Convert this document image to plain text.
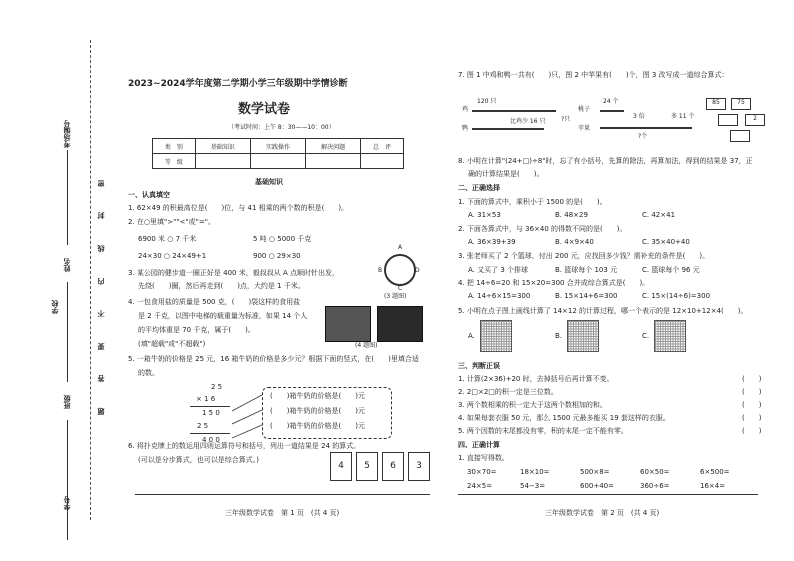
考场编号
姓名
班级
学校
学号
密
封
线
内
不
要
答
题
2023~2024学年度第二学期小学三年级期中学情诊断
数学试卷
（考试时间：上午 8：30——10：00）
类　别	基础知识	实践操作	解决问题	总　评
等　级				
基础知识
一、认真填空
1. 62×49 的积最高位是(　　)位，与 41 相乘的两个数的积是(　　)。
2. 在○里填">""<"或"="。
6900 米 ○ 7 千米	5 吨 ○ 5000 千克
24×30 ○ 24×49+1	900 ○ 29×30
3. 某公园的健步道一圈正好是 400 米，毅叔叔从 A 点顺时针出发，
先绕(　　)圈，然后再走到(　　)点，大约是 1 千米。
A
B
C
D
(3 题图)
4. 一包食用盐的质量是 500 克，(　　)袋这样的食用盐
是 2 千克，以图中电梯的载重量为标准，如果 14 个人
的平均体重是 70 千克，属于(　　)。
(填"超载"或"不超载")	(4 题图)
5. 一箱牛奶的价格是 25 元，16 箱牛奶的价格是多少元？根据下面的竖式，在(　　)里填合适
的数。
2 5
× 1 6
1 5 0
2 5
4 0 0
(　　)箱牛奶的价格是(　　)元
(　　)箱牛奶的价格是(　　)元
(　　)箱牛奶的价格是(　　)元
6. 将扑克牌上的数运用四则运算符号和括号，列出一道结果是 24 的算式。
(可以是分步算式，也可以是综合算式。)
4	5	6	3
三年级数学试卷　第 1 页　(共 4 页)
7. 图 1 中鸡和鸭一共有(　　)只，图 2 中苹果有(　　)个，图 3 改写成一道综合算式：
120 只
鸡
鸭
比鸡少 16 只	?只
24 个
桃子
3 倍	多 11 个
苹果
?个
85	75
2
8. 小明在计算"(24+□)÷8"时，忘了有小括号，先算的除法，再算加法，得到的结果是 37，正
确的计算结果是(　　)。
二、正确选择
1. 下面的算式中，乘积小于 1500 的是(　　)。
A. 31×53	B. 48×29	C. 42×41
2. 下面各算式中，与 36×40 的得数不同的是(　　)。
A. 36×39+39	B. 4×9×40	C. 35×40+40
3. 张老师买了 2 个篮球，付出 200 元，应找回多少钱？需补充的条件是(　　)。
A. 又买了 3 个排球	B. 篮球每个 103 元	C. 篮球每个 96 元
4. 把 14÷6=20 和 15×20=300 合并成综合算式是(　　)。
A. 14÷6×15=300	B. 15×14+6=300	C. 15×(14÷6)=300
5. 小明在点子图上画线计算了 14×12 的计算过程，哪一个表示的是 12×10+12×4(　　)。
A.	B.	C.
三、判断正误
1. 计算(2×36)+20 时，去掉括号后再计算不变。
2. 2□×2□的积一定是三位数。
3. 两个数相乘的积一定大于这两个数相加的和。
4. 如果每套衣服 50 元，那么 1500 元最多能买 19 套这样的衣服。
5. 两个因数的末尾都没有零，积的末尾一定不能有零。
(　　)
(　　)
(　　)
(　　)
(　　)
四、正确计算
1. 直接写得数。
30×70=	18×10=	500×8=	60×50=	6×500=
24×5=	54−3=	600+40=	360÷6=	16×4=
三年级数学试卷　第 2 页　(共 4 页)
